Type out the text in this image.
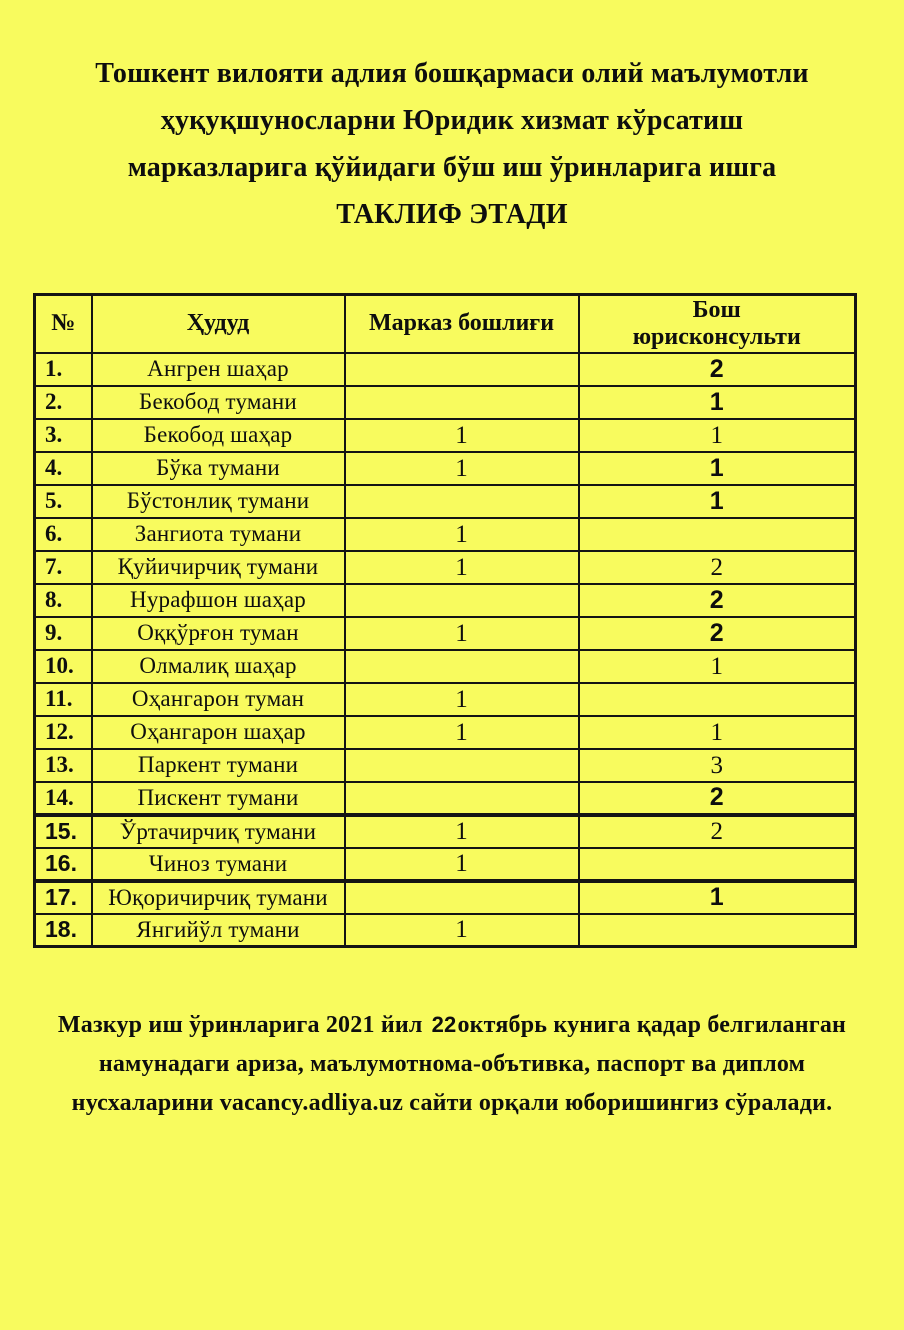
Тошкент вилояти адлия бошқармаси олий маълумотли
ҳуқуқшуносларни Юридик хизмат кўрсатиш
марказларига қўйидаги бўш иш ўринларига ишга
ТАКЛИФ ЭТАДИ
№	Ҳудуд	Марказ бошлиғи	Бош юрисконсульти
1.	Ангрен шаҳар		2
2.	Бекобод тумани		1
3.	Бекобод шаҳар	1	1
4.	Бўка тумани	1	1
5.	Бўстонлиқ тумани		1
6.	Зангиота тумани	1	
7.	Қуйичирчиқ тумани	1	2
8.	Нурафшон шаҳар		2
9.	Оққўрғон туман	1	2
10.	Олмалиқ шаҳар		1
11.	Оҳангарон туман	1	
12.	Оҳангарон шаҳар	1	1
13.	Паркент тумани		3
14.	Пискент тумани		2
15.	Ўртачирчиқ тумани	1	2
16.	Чиноз тумани	1	
17.	Юқоричирчиқ тумани		1
18.	Янгийўл тумани	1	
Мазкур иш ўринларига 2021 йил 22октябрь кунига қадар белгиланган
намунадаги ариза, маълумотнома-обътивка, паспорт ва диплом
нусхаларини vacancy.adliya.uz сайти орқали юборишингиз сўралади.
